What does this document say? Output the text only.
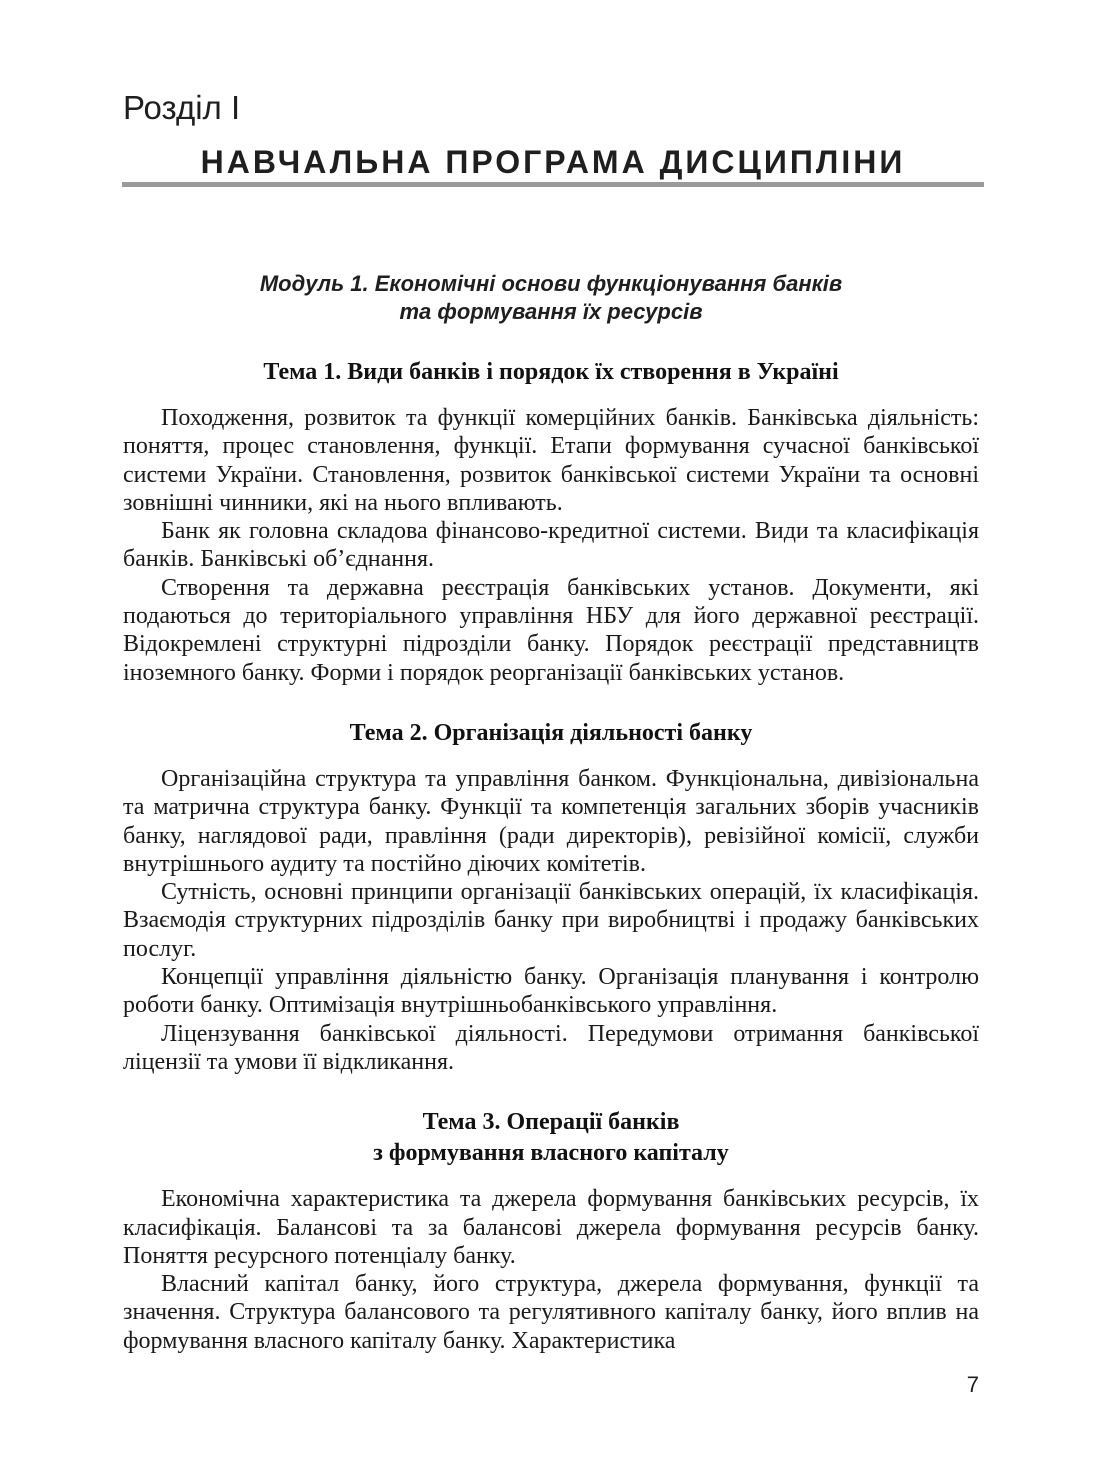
Розділ I
НАВЧАЛЬНА ПРОГРАМА ДИСЦИПЛІНИ
Модуль 1. Економічні основи функціонування банків
та формування їх ресурсів
Тема 1. Види банків і порядок їх створення в Україні

Походження, розвиток та функції комерційних банків. Банківська діяльність: поняття, процес становлення, функції. Етапи формування сучасної банківської системи України. Становлення, розвиток банківської системи України та основні зовнішні чинники, які на нього впливають.

Банк як головна складова фінансово-кредитної системи. Види та класифікація банків. Банківські об’єднання.

Створення та державна реєстрація банківських установ. Документи, які подаються до територіального управління НБУ для його державної реєстрації. Відокремлені структурні підрозділи банку. Порядок реєстрації представництв іноземного банку. Форми і порядок реорганізації банківських установ.

Тема 2. Організація діяльності банку

Організаційна структура та управління банком. Функціональна, дивізіональна та матрична структура банку. Функції та компетенція загальних зборів учасників банку, наглядової ради, правління (ради директорів), ревізійної комісії, служби внутрішнього аудиту та постійно діючих комітетів.

Сутність, основні принципи організації банківських операцій, їх класифікація. Взаємодія структурних підрозділів банку при виробництві і продажу банківських послуг.

Концепції управління діяльністю банку. Організація планування і контролю роботи банку. Оптимізація внутрішньобанківського управління.

Ліцензування банківської діяльності. Передумови отримання банківської ліцензії та умови її відкликання.

Тема 3. Операції банків
з формування власного капіталу

Економічна характеристика та джерела формування банківських ресурсів, їх класифікація. Балансові та за балансові джерела формування ресурсів банку. Поняття ресурсного потенціалу банку.

Власний капітал банку, його структура, джерела формування, функції та значення. Структура балансового та регулятивного капіталу банку, його вплив на формування власного капіталу банку. Характеристика

7
